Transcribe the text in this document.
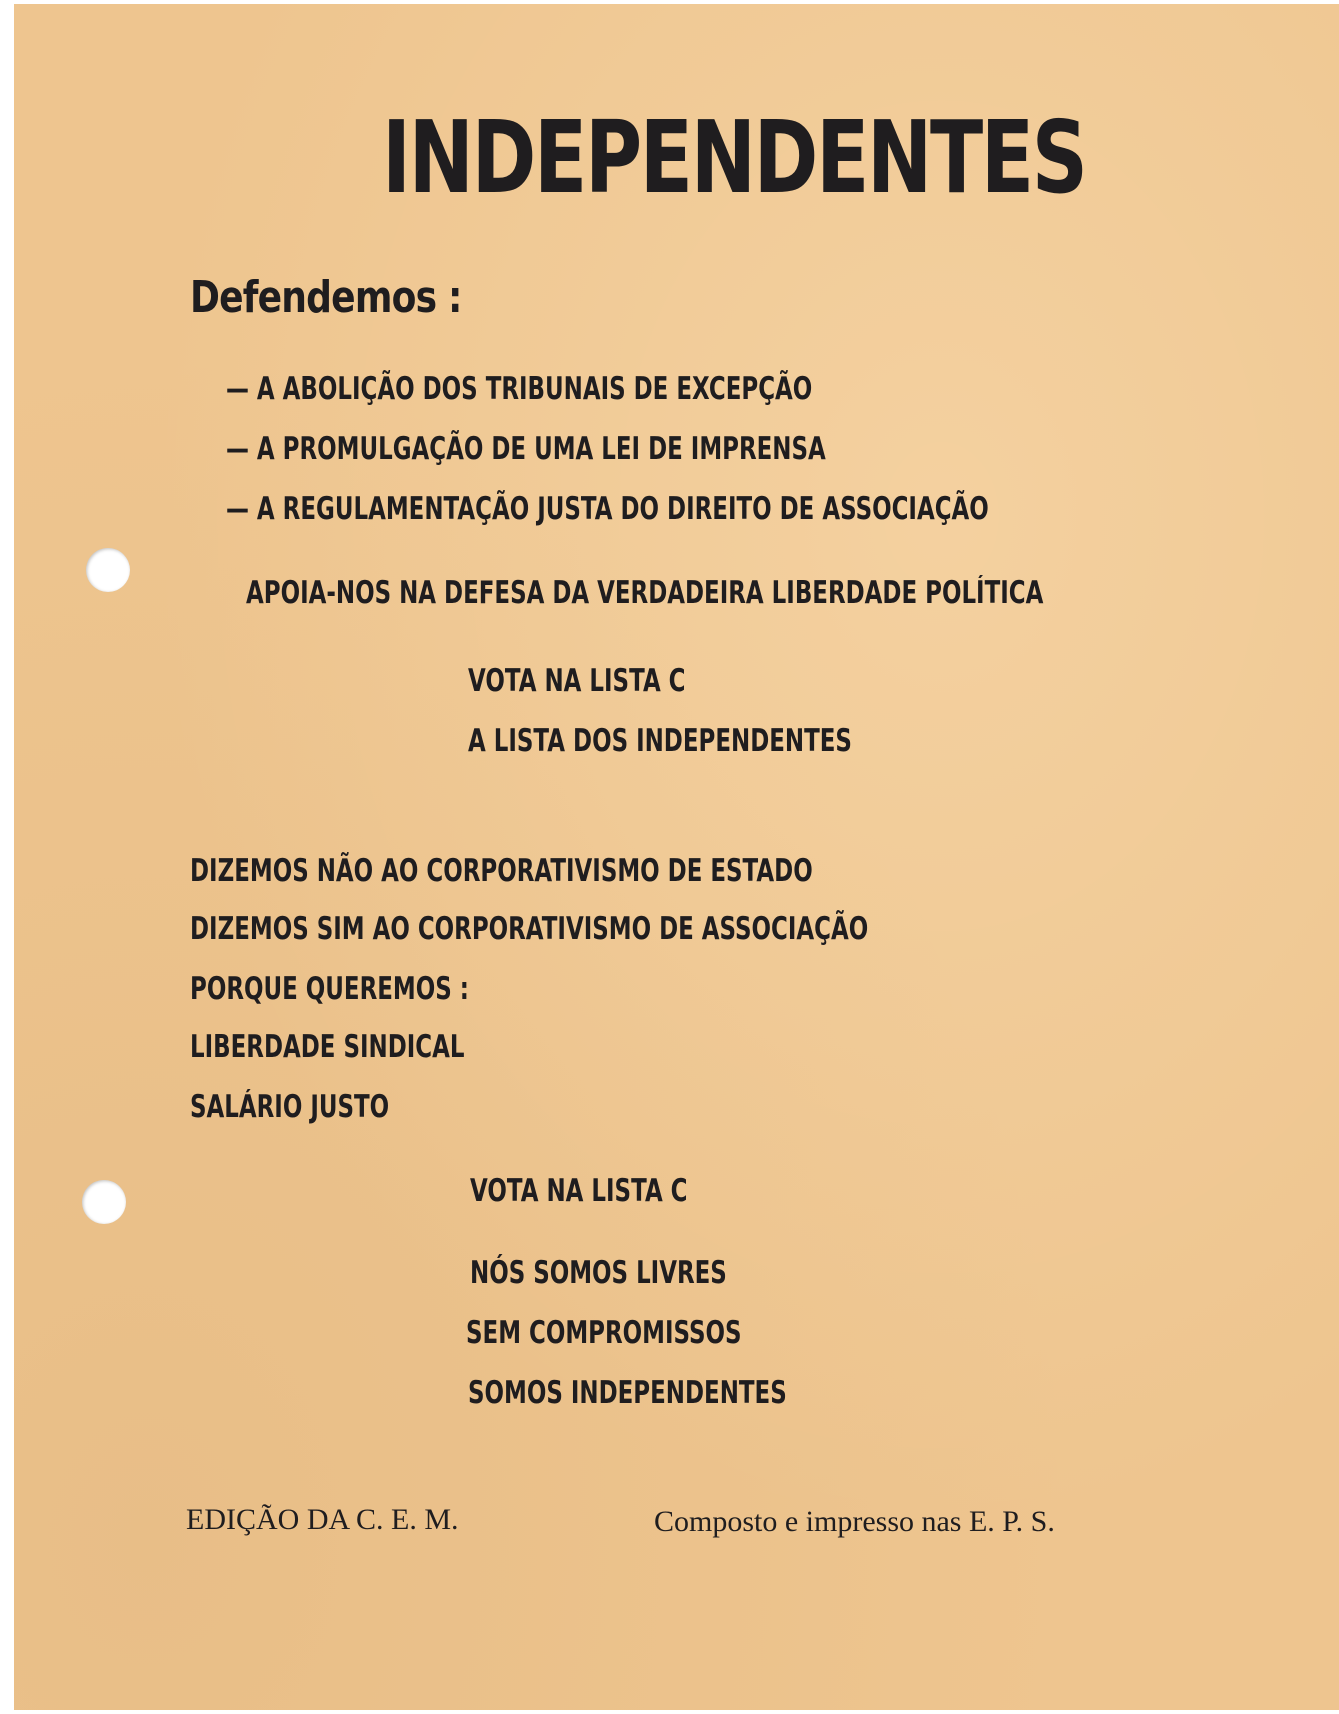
INDEPENDENTES
Defendemos :

— A ABOLIÇÃO DOS TRIBUNAIS DE EXCEPÇÃO

— A PROMULGAÇÃO DE UMA LEI DE IMPRENSA

— A REGULAMENTAÇÃO JUSTA DO DIREITO DE ASSOCIAÇÃO

APOIA-NOS NA DEFESA DA VERDADEIRA LIBERDADE POLÍTICA

VOTA NA LISTA C

A LISTA DOS INDEPENDENTES

DIZEMOS NÃO AO CORPORATIVISMO DE ESTADO

DIZEMOS SIM AO CORPORATIVISMO DE ASSOCIAÇÃO

PORQUE QUEREMOS :

LIBERDADE SINDICAL

SALÁRIO JUSTO

VOTA NA LISTA C

NÓS SOMOS LIVRES

SEM COMPROMISSOS

SOMOS INDEPENDENTES

EDIÇÃO DA C. E. M.	Composto e impresso nas E. P. S.
